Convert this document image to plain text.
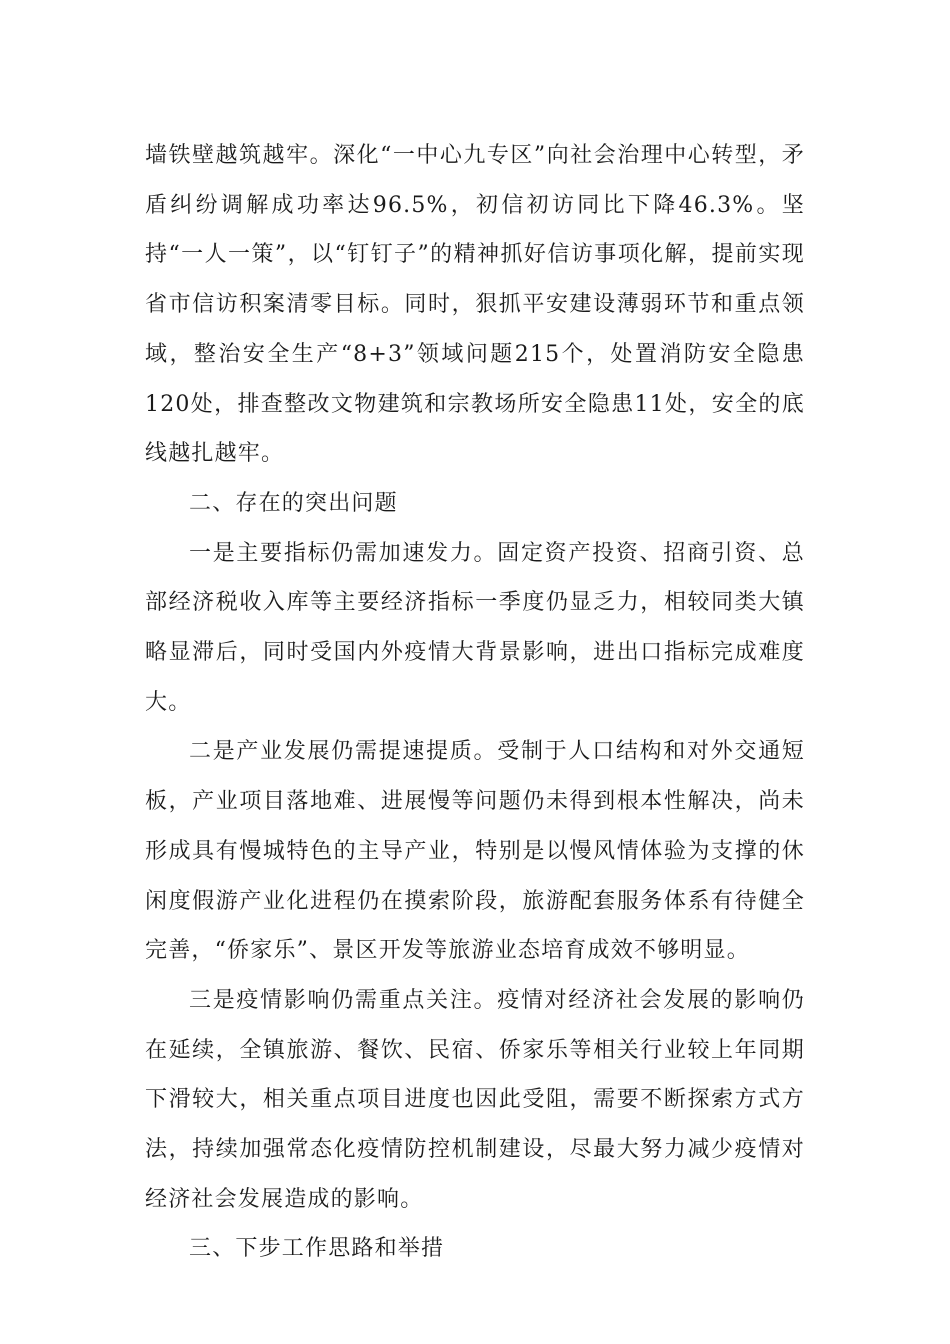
墙铁壁越筑越牢。深化“一中心九专区”向社会治理中心转型，矛盾纠纷调解成功率达96.5%，初信初访同比下降46.3%。坚持“一人一策”，以“钉钉子”的精神抓好信访事项化解，提前实现省市信访积案清零目标。同时，狠抓平安建设薄弱环节和重点领域，整治安全生产“8+3”领域问题215个，处置消防安全隐患120处，排查整改文物建筑和宗教场所安全隐患11处，安全的底线越扎越牢。

二、存在的突出问题

一是主要指标仍需加速发力。固定资产投资、招商引资、总部经济税收入库等主要经济指标一季度仍显乏力，相较同类大镇略显滞后，同时受国内外疫情大背景影响，进出口指标完成难度大。

二是产业发展仍需提速提质。受制于人口结构和对外交通短板，产业项目落地难、进展慢等问题仍未得到根本性解决，尚未形成具有慢城特色的主导产业，特别是以慢风情体验为支撑的休闲度假游产业化进程仍在摸索阶段，旅游配套服务体系有待健全完善，“侨家乐”、景区开发等旅游业态培育成效不够明显。

三是疫情影响仍需重点关注。疫情对经济社会发展的影响仍在延续，全镇旅游、餐饮、民宿、侨家乐等相关行业较上年同期下滑较大，相关重点项目进度也因此受阻，需要不断探索方式方法，持续加强常态化疫情防控机制建设，尽最大努力减少疫情对经济社会发展造成的影响。

三、下步工作思路和举措
